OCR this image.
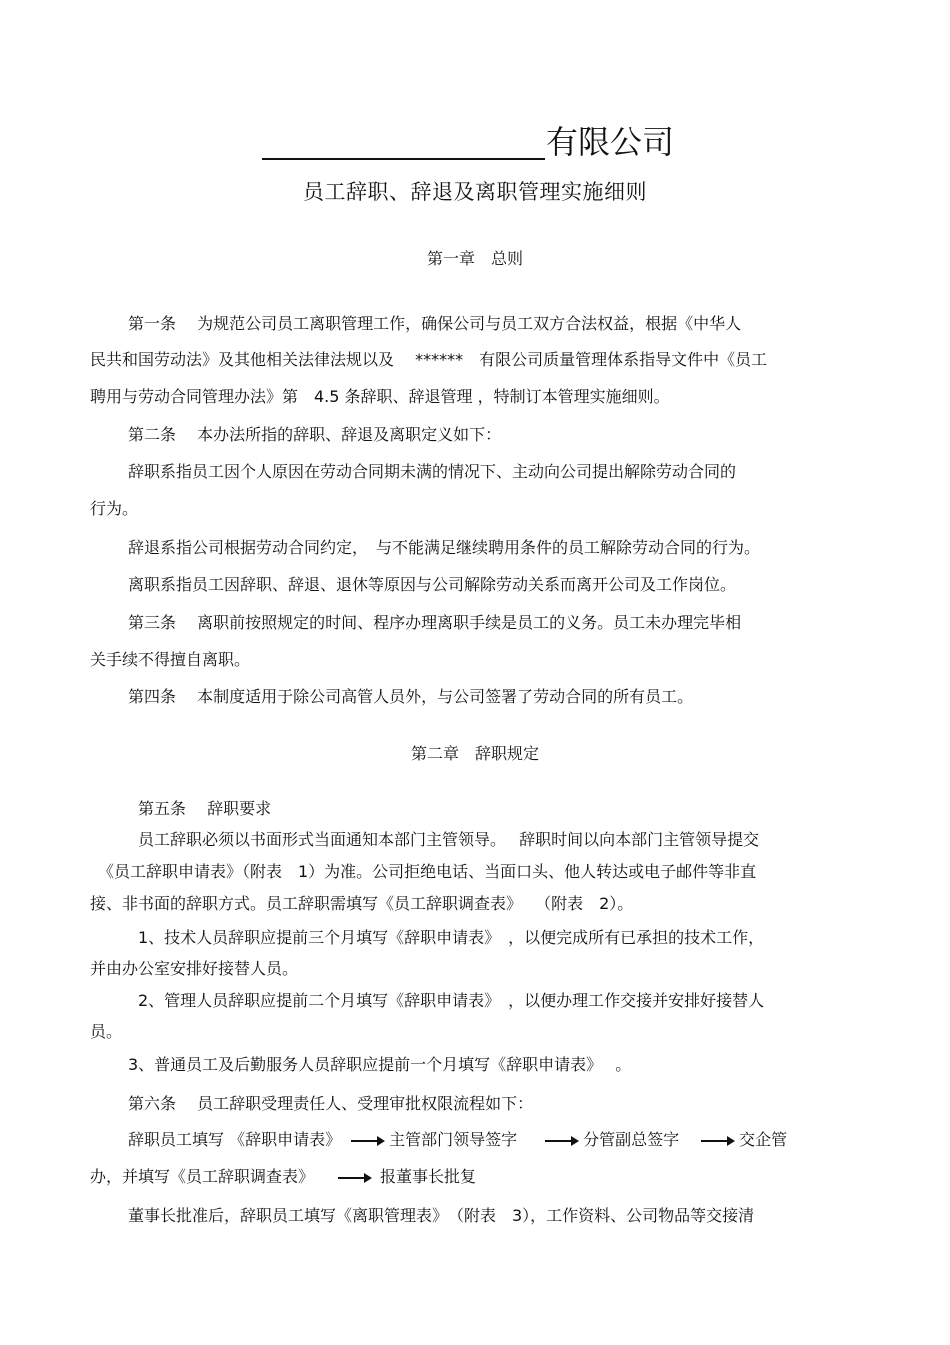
有限公司
员工辞职、辞退及离职管理实施细则
第一章　总则
第一条　 为规范公司员工离职管理工作，确保公司与员工双方合法权益，根据《中华人
民共和国劳动法》及其他相关法律法规以及　 ******　有限公司质量管理体系指导文件中《员工
聘用与劳动合同管理办法》第　4.5 条辞职、辞退管理 ，特制订本管理实施细则。
第二条　 本办法所指的辞职、辞退及离职定义如下：
辞职系指员工因个人原因在劳动合同期未满的情况下、主动向公司提出解除劳动合同的
行为。
辞退系指公司根据劳动合同约定，　与不能满足继续聘用条件的员工解除劳动合同的行为。
离职系指员工因辞职、辞退、退休等原因与公司解除劳动关系而离开公司及工作岗位。
第三条　 离职前按照规定的时间、程序办理离职手续是员工的义务。员工未办理完毕相
关手续不得擅自离职。
第四条　 本制度适用于除公司高管人员外，与公司签署了劳动合同的所有员工。
第二章　辞职规定
第五条　 辞职要求
员工辞职必须以书面形式当面通知本部门主管领导。　 辞职时间以向本部门主管领导提交
《员工辞职申请表》（附表　1）为准。公司拒绝电话、当面口头、他人转达或电子邮件等非直
接、非书面的辞职方式。员工辞职需填写《员工辞职调查表》　 （附表　2）。
1、技术人员辞职应提前三个月填写《辞职申请表》　，以便完成所有已承担的技术工作，
并由办公室安排好接替人员。
2、管理人员辞职应提前二个月填写《辞职申请表》　，以便办理工作交接并安排好接替人
员。
3、普通员工及后勤服务人员辞职应提前一个月填写《辞职申请表》　 。
第六条　 员工辞职受理责任人、受理审批权限流程如下：
辞职员工填写 《辞职申请表》	主管部门领导签字	分管副总签字	交企管
办，并填写《员工辞职调查表》	报董事长批复
董事长批准后，辞职员工填写《离职管理表》　（附表　3），工作资料、公司物品等交接清
